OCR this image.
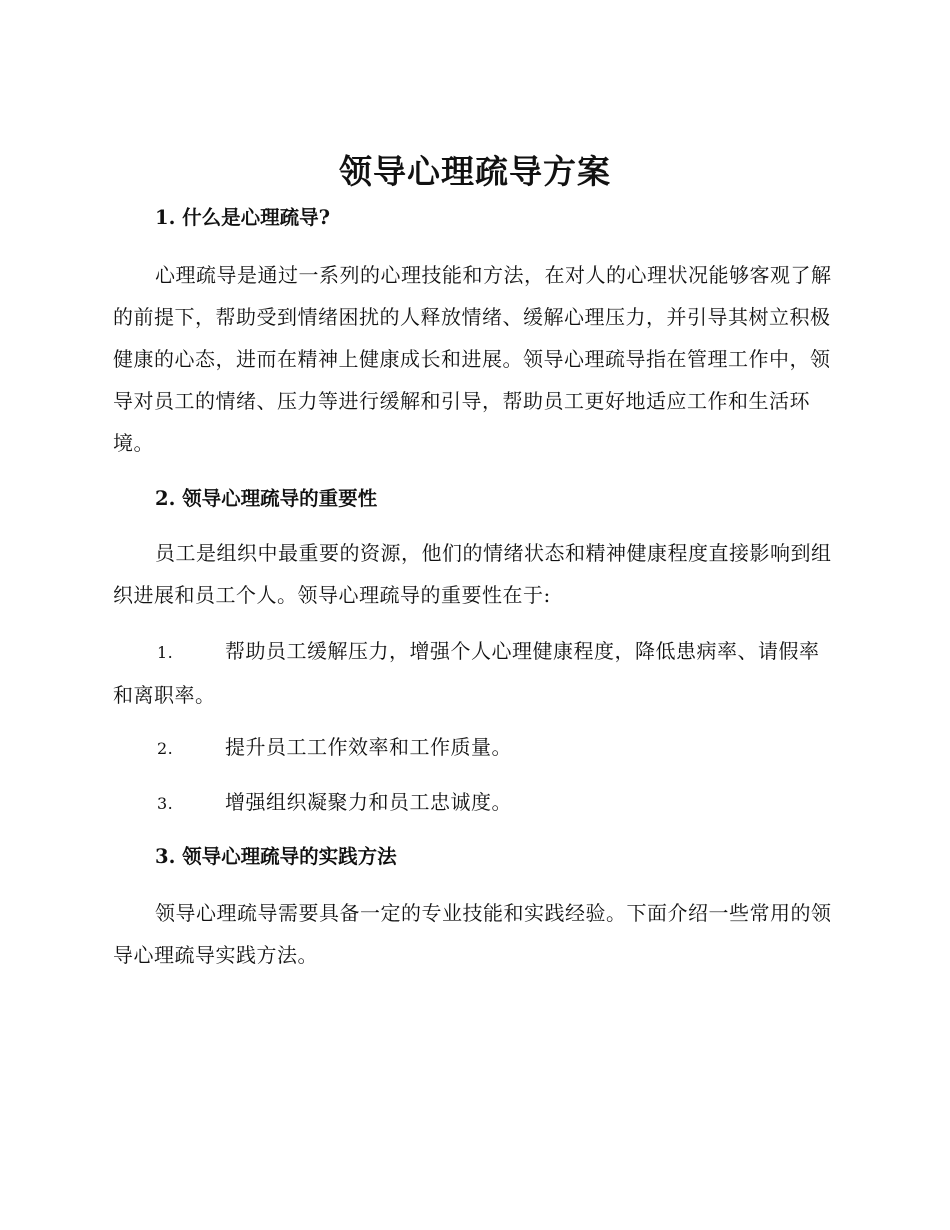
领导心理疏导方案
1. 什么是心理疏导?

心理疏导是通过一系列的心理技能和方法，在对人的心理状况能够客观了解的前提下，帮助受到情绪困扰的人释放情绪、缓解心理压力，并引导其树立积极健康的心态，进而在精神上健康成长和进展。领导心理疏导指在管理工作中，领导对员工的情绪、压力等进行缓解和引导，帮助员工更好地适应工作和生活环境。

2. 领导心理疏导的重要性

员工是组织中最重要的资源，他们的情绪状态和精神健康程度直接影响到组织进展和员工个人。领导心理疏导的重要性在于:

1.	帮助员工缓解压力，增强个人心理健康程度，降低患病率、请假率和离职率。

2.	提升员工工作效率和工作质量。

3.	增强组织凝聚力和员工忠诚度。

3. 领导心理疏导的实践方法

领导心理疏导需要具备一定的专业技能和实践经验。下面介绍一些常用的领导心理疏导实践方法。
